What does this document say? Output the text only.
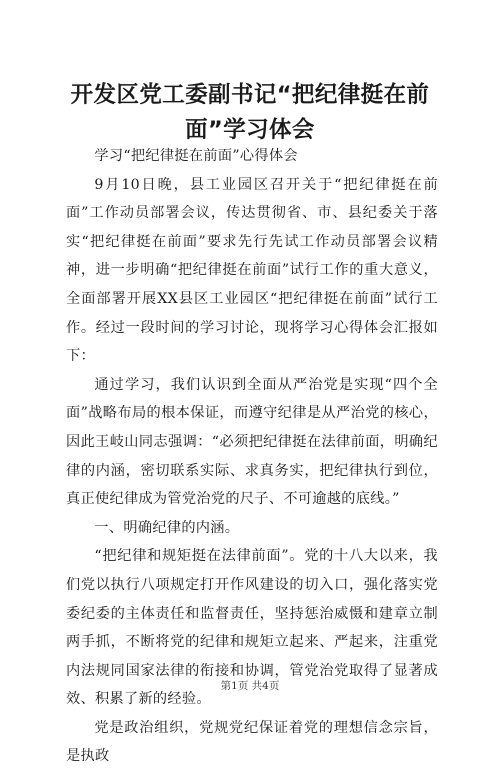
开发区党工委副书记“把纪律挺在前面”学习体会

学习“把纪律挺在前面”心得体会

9月10日晚，县工业园区召开关于“把纪律挺在前面”工作动员部署会议，传达贯彻省、市、县纪委关于落实“把纪律挺在前面”要求先行先试工作动员部署会议精神，进一步明确“把纪律挺在前面”试行工作的重大意义，全面部署开展XX县区工业园区“把纪律挺在前面”试行工作。经过一段时间的学习讨论，现将学习心得体会汇报如下：

通过学习，我们认识到全面从严治党是实现“四个全面”战略布局的根本保证，而遵守纪律是从严治党的核心，因此王岐山同志强调：“必须把纪律挺在法律前面，明确纪律的内涵，密切联系实际、求真务实，把纪律执行到位，真正使纪律成为管党治党的尺子、不可逾越的底线。”

一、明确纪律的内涵。

“把纪律和规矩挺在法律前面”。党的十八大以来，我们党以执行八项规定打开作风建设的切入口，强化落实党委纪委的主体责任和监督责任，坚持惩治威慑和建章立制两手抓，不断将党的纪律和规矩立起来、严起来，注重党内法规同国家法律的衔接和协调，管党治党取得了显著成效、积累了新的经验。

党是政治组织，党规党纪保证着党的理想信念宗旨，是执政

第1页 共4页
